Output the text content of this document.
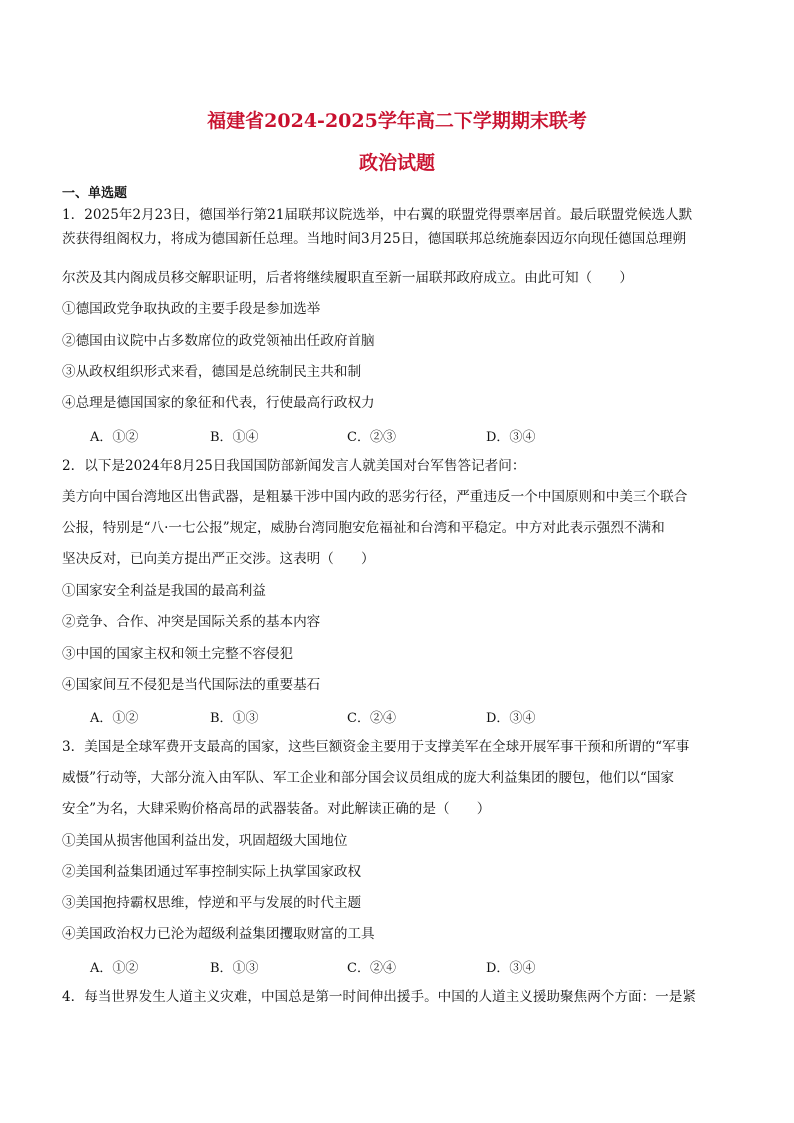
福建省2024-2025学年高二下学期期末联考
政治试题
一、单选题
1．2025年2月23日，德国举行第21届联邦议院选举，中右翼的联盟党得票率居首。最后联盟党候选人默
茨获得组阁权力，将成为德国新任总理。当地时间3月25日，德国联邦总统施泰因迈尔向现任德国总理朔
尔茨及其内阁成员移交解职证明，后者将继续履职直至新一届联邦政府成立。由此可知（　　）
①德国政党争取执政的主要手段是参加选举
②德国由议院中占多数席位的政党领袖出任政府首脑
③从政权组织形式来看，德国是总统制民主共和制
④总理是德国国家的象征和代表，行使最高行政权力
A．①②	B．①④	C．②③	D．③④
2．以下是2024年8月25日我国国防部新闻发言人就美国对台军售答记者问：
美方向中国台湾地区出售武器，是粗暴干涉中国内政的恶劣行径，严重违反一个中国原则和中美三个联合
公报，特别是“八·一七公报”规定，威胁台湾同胞安危福祉和台湾和平稳定。中方对此表示强烈不满和
坚决反对，已向美方提出严正交涉。这表明（　　）
①国家安全利益是我国的最高利益
②竞争、合作、冲突是国际关系的基本内容
③中国的国家主权和领土完整不容侵犯
④国家间互不侵犯是当代国际法的重要基石
A．①②	B．①③	C．②④	D．③④
3．美国是全球军费开支最高的国家，这些巨额资金主要用于支撑美军在全球开展军事干预和所谓的“军事
威慑”行动等，大部分流入由军队、军工企业和部分国会议员组成的庞大利益集团的腰包，他们以“国家
安全”为名，大肆采购价格高昂的武器装备。对此解读正确的是（　　）
①美国从损害他国利益出发，巩固超级大国地位
②美国利益集团通过军事控制实际上执掌国家政权
③美国抱持霸权思维，悖逆和平与发展的时代主题
④美国政治权力已沦为超级利益集团攫取财富的工具
A．①②	B．①③	C．②④	D．③④
4．每当世界发生人道主义灾难，中国总是第一时间伸出援手。中国的人道主义援助聚焦两个方面：一是紧
